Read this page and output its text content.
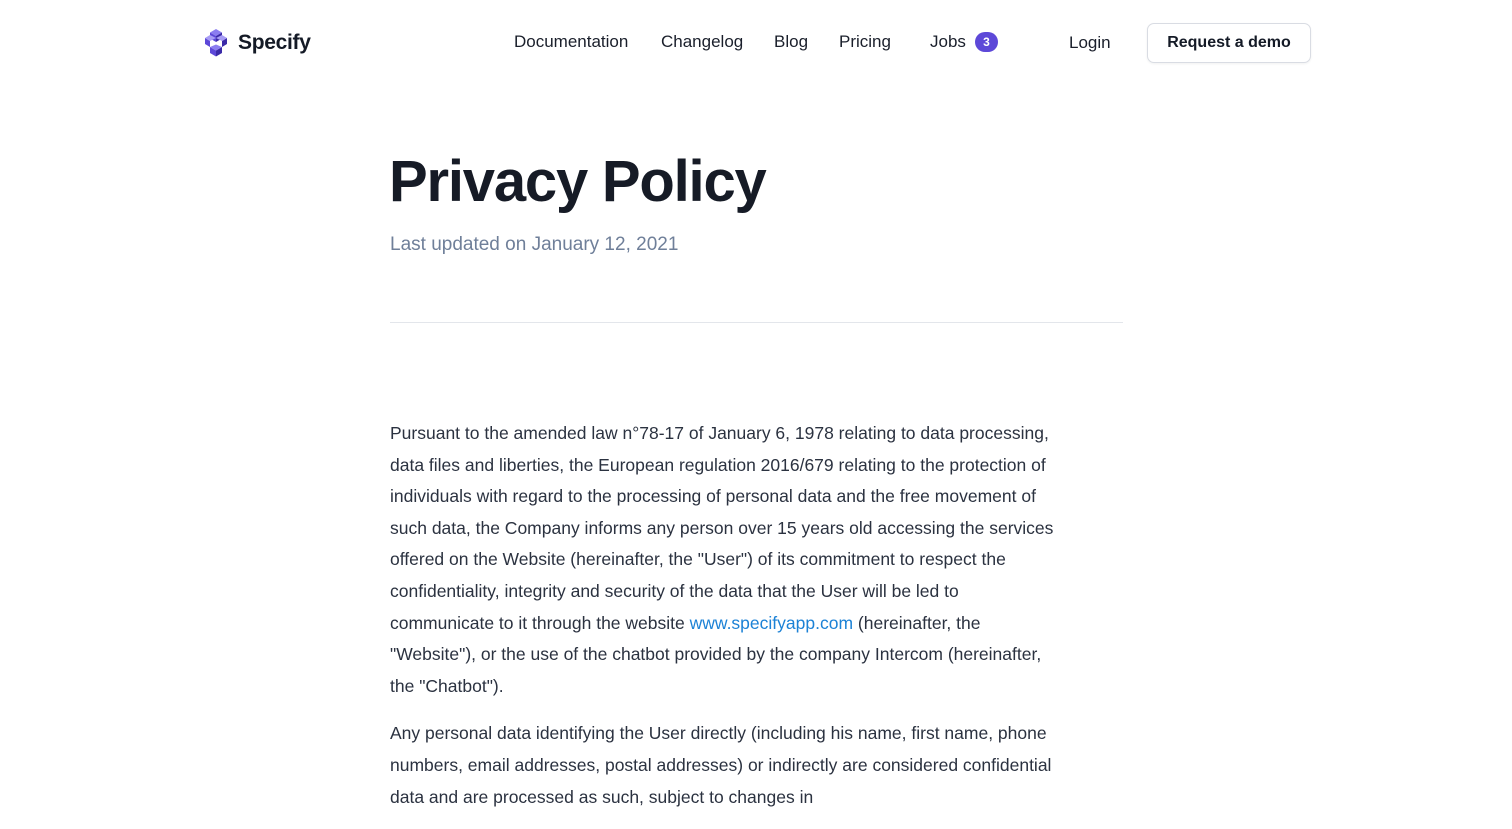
Specify	Documentation Changelog Blog Pricing Jobs	3	Login	Request a demo
Privacy Policy
Last updated on January 12, 2021

Pursuant to the amended law n°78-17 of January 6, 1978 relating to data processing, data files and liberties, the European regulation 2016/679 relating to the protection of individuals with regard to the processing of personal data and the free movement of such data, the Company informs any person over 15 years old accessing the services offered on the Website (hereinafter, the "User") of its commitment to respect the confidentiality, integrity and security of the data that the User will be led to communicate to it through the website www.specifyapp.com (hereinafter, the "Website"), or the use of the chatbot provided by the company Intercom (hereinafter, the "Chatbot").

Any personal data identifying the User directly (including his name, first name, phone numbers, email addresses, postal addresses) or indirectly are considered confidential data and are processed as such, subject to changes in
